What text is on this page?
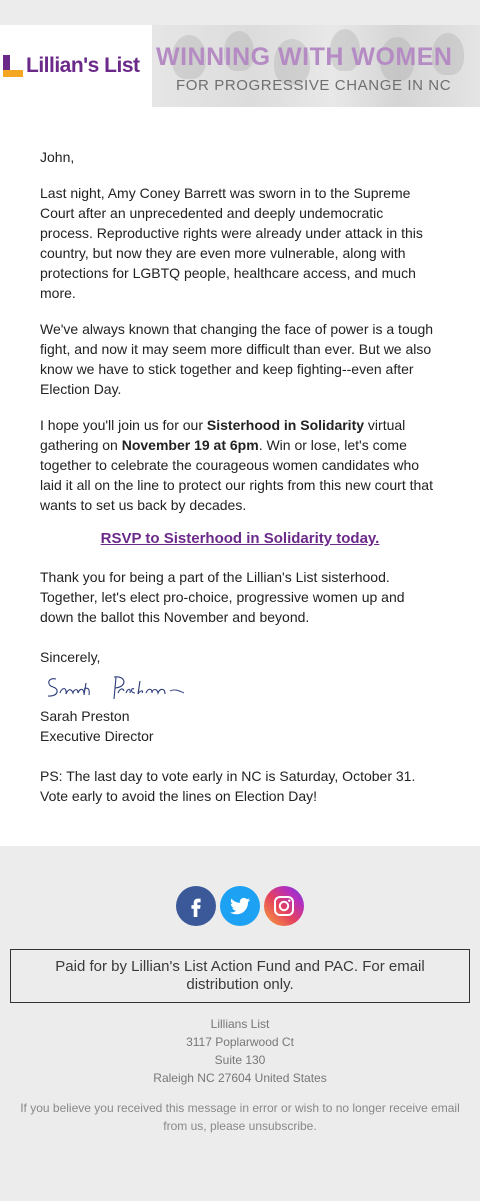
Lillian's List WINNING WITH WOMEN
FOR PROGRESSIVE CHANGE IN NC

John,

Last night, Amy Coney Barrett was sworn in to the Supreme Court after an unprecedented and deeply undemocratic process. Reproductive rights were already under attack in this country, but now they are even more vulnerable, along with protections for LGBTQ people, healthcare access, and much more.

We've always known that changing the face of power is a tough fight, and now it may seem more difficult than ever. But we also know we have to stick together and keep fighting--even after Election Day.

I hope you'll join us for our Sisterhood in Solidarity virtual gathering on November 19 at 6pm. Win or lose, let's come together to celebrate the courageous women candidates who laid it all on the line to protect our rights from this new court that wants to set us back by decades.

RSVP to Sisterhood in Solidarity today.

Thank you for being a part of the Lillian's List sisterhood. Together, let's elect pro-choice, progressive women up and down the ballot this November and beyond.

Sincerely,

Sarah Preston
Executive Director

PS: The last day to vote early in NC is Saturday, October 31. Vote early to avoid the lines on Election Day!

Paid for by Lillian's List Action Fund and PAC. For email distribution only.
Lillians List
3117 Poplarwood Ct
Suite 130
Raleigh NC 27604 United States
If you believe you received this message in error or wish to no longer receive email from us, please unsubscribe.
